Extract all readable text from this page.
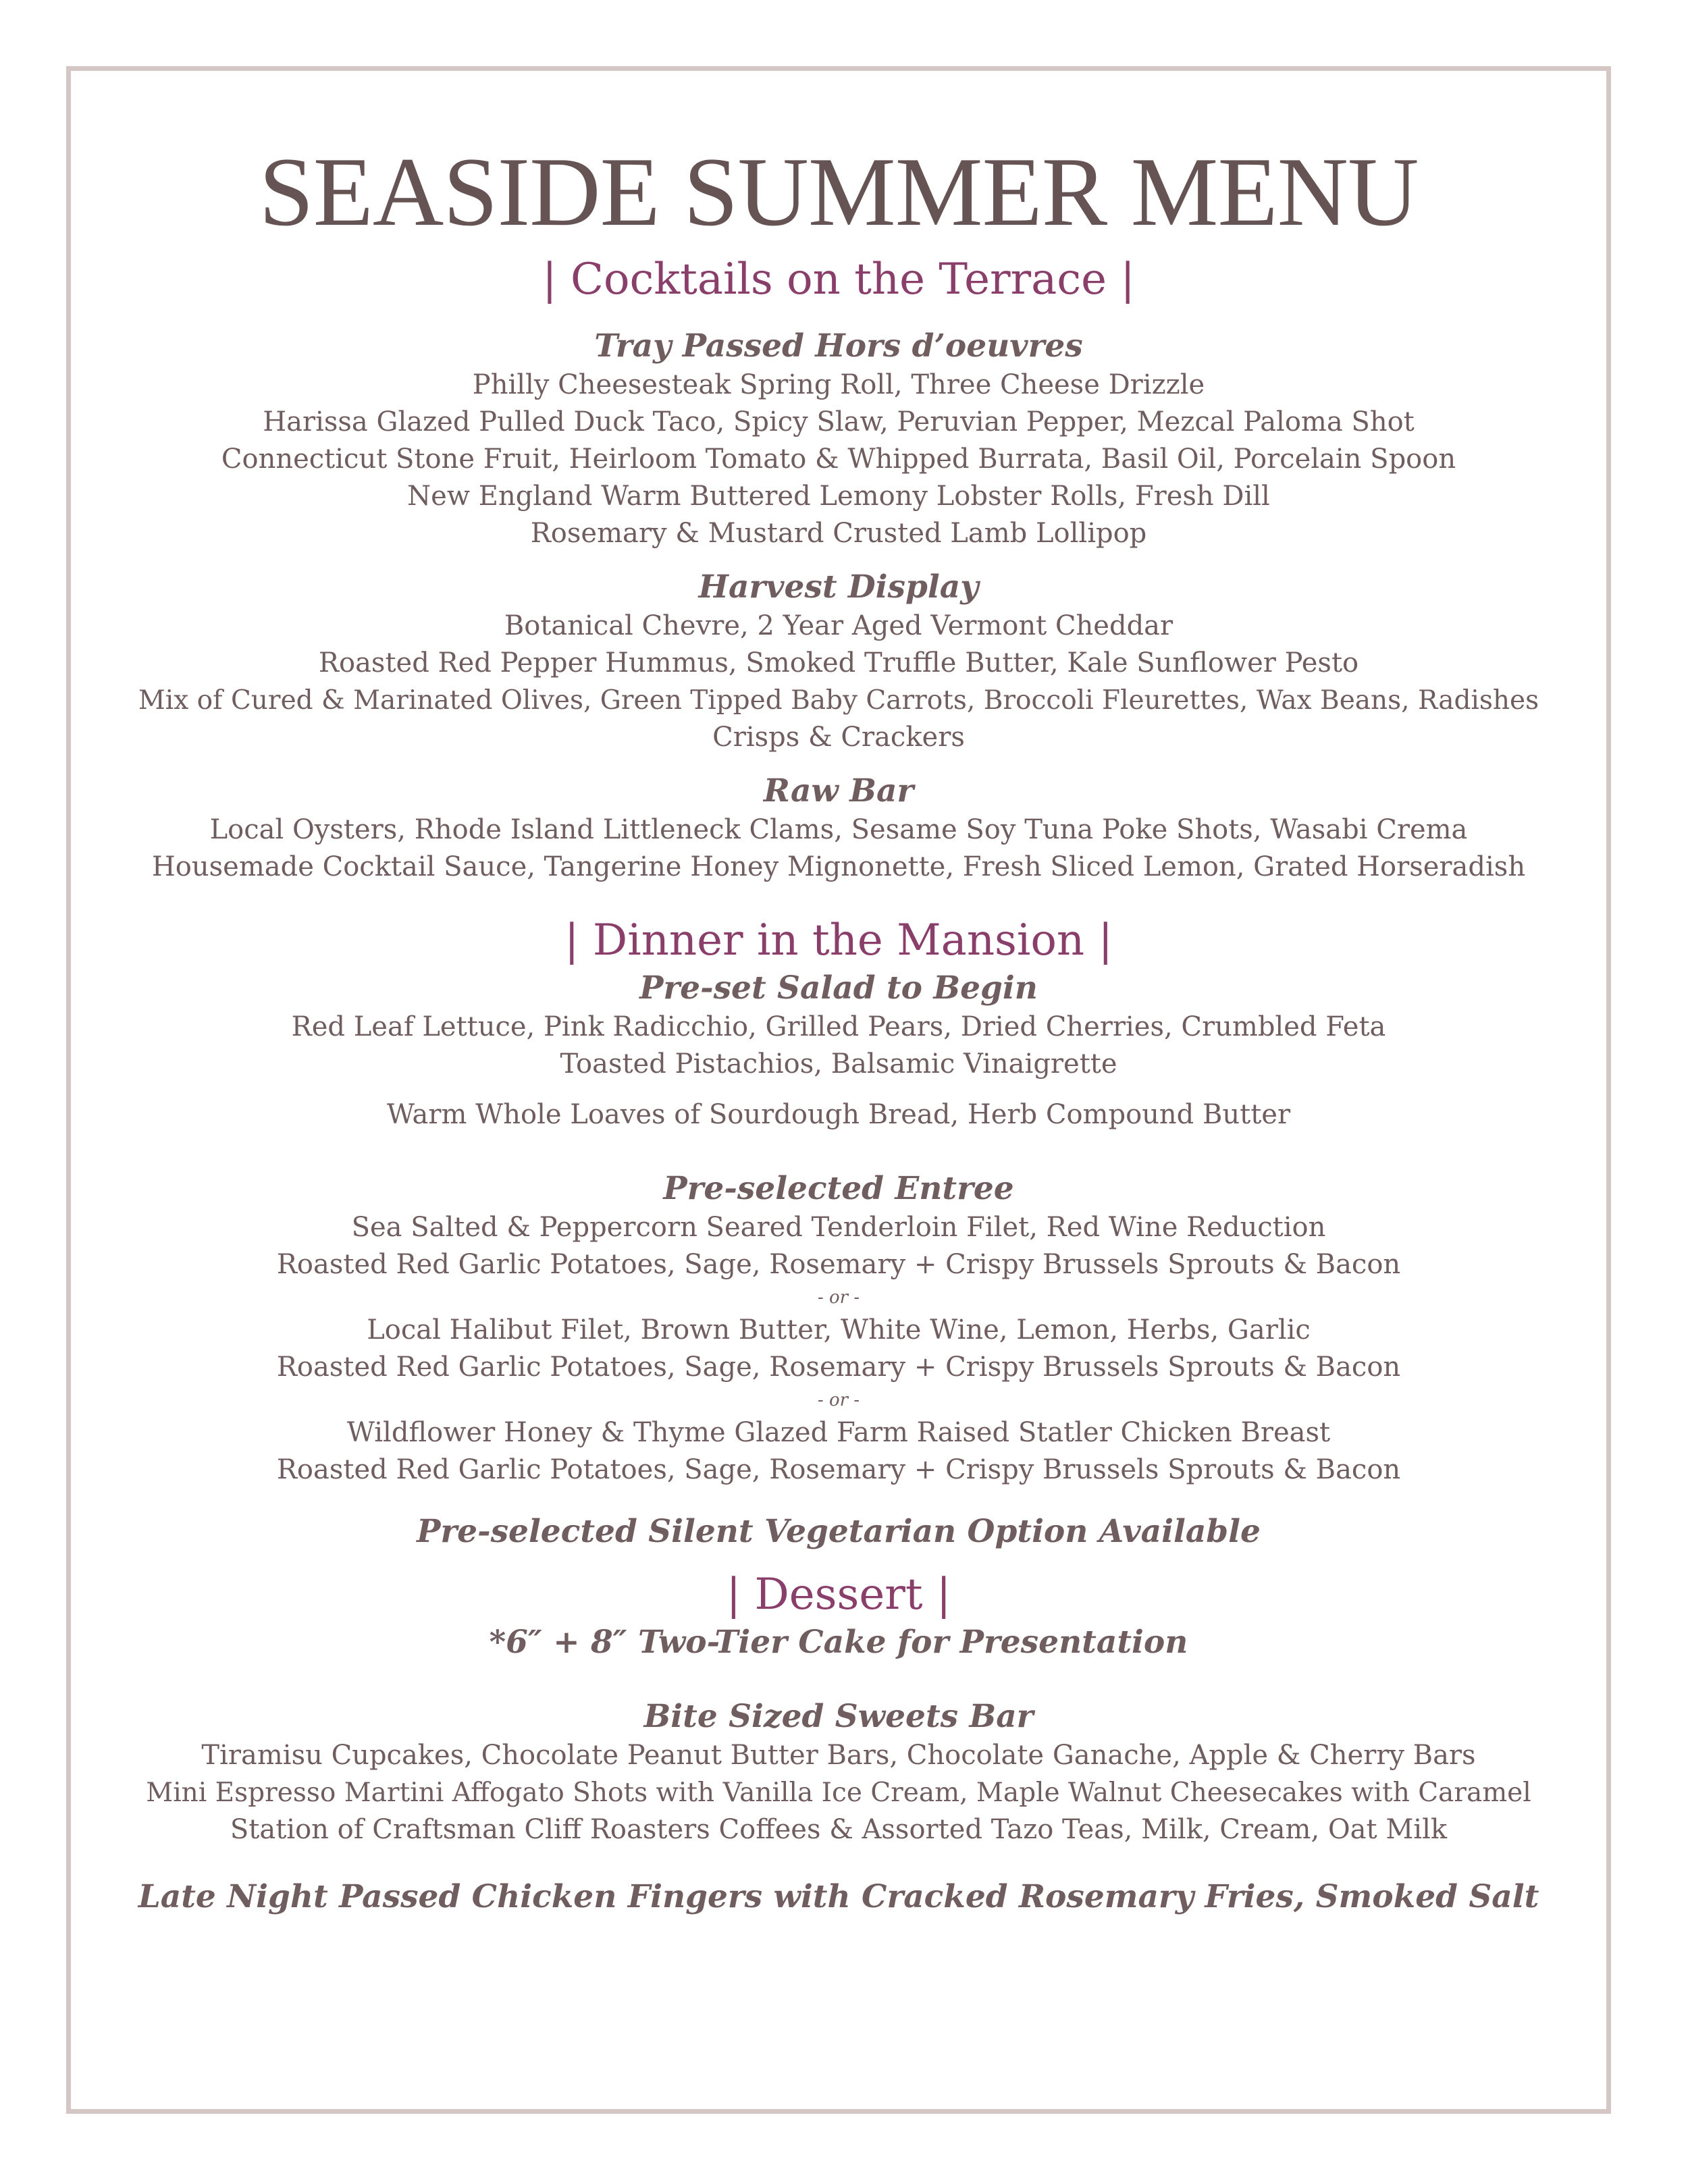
SEASIDE SUMMER MENU
| Cocktails on the Terrace |
Tray Passed Hors d’oeuvres
Philly Cheesesteak Spring Roll, Three Cheese Drizzle
Harissa Glazed Pulled Duck Taco, Spicy Slaw, Peruvian Pepper, Mezcal Paloma Shot
Connecticut Stone Fruit, Heirloom Tomato & Whipped Burrata, Basil Oil, Porcelain Spoon
New England Warm Buttered Lemony Lobster Rolls, Fresh Dill
Rosemary & Mustard Crusted Lamb Lollipop
Harvest Display
Botanical Chevre, 2 Year Aged Vermont Cheddar
Roasted Red Pepper Hummus, Smoked Truffle Butter, Kale Sunflower Pesto
Mix of Cured & Marinated Olives, Green Tipped Baby Carrots, Broccoli Fleurettes, Wax Beans, Radishes
Crisps & Crackers
Raw Bar
Local Oysters, Rhode Island Littleneck Clams, Sesame Soy Tuna Poke Shots, Wasabi Crema
Housemade Cocktail Sauce, Tangerine Honey Mignonette, Fresh Sliced Lemon, Grated Horseradish
| Dinner in the Mansion |
Pre-set Salad to Begin
Red Leaf Lettuce, Pink Radicchio, Grilled Pears, Dried Cherries, Crumbled Feta
Toasted Pistachios, Balsamic Vinaigrette
Warm Whole Loaves of Sourdough Bread, Herb Compound Butter
Pre-selected Entree
Sea Salted & Peppercorn Seared Tenderloin Filet, Red Wine Reduction
Roasted Red Garlic Potatoes, Sage, Rosemary + Crispy Brussels Sprouts & Bacon
- or -
Local Halibut Filet, Brown Butter, White Wine, Lemon, Herbs, Garlic
Roasted Red Garlic Potatoes, Sage, Rosemary + Crispy Brussels Sprouts & Bacon
- or -
Wildflower Honey & Thyme Glazed Farm Raised Statler Chicken Breast
Roasted Red Garlic Potatoes, Sage, Rosemary + Crispy Brussels Sprouts & Bacon
Pre-selected Silent Vegetarian Option Available
| Dessert |
*6″ + 8″ Two-Tier Cake for Presentation
Bite Sized Sweets Bar
Tiramisu Cupcakes, Chocolate Peanut Butter Bars, Chocolate Ganache, Apple & Cherry Bars
Mini Espresso Martini Affogato Shots with Vanilla Ice Cream, Maple Walnut Cheesecakes with Caramel
Station of Craftsman Cliff Roasters Coffees & Assorted Tazo Teas, Milk, Cream, Oat Milk
Late Night Passed Chicken Fingers with Cracked Rosemary Fries, Smoked Salt
